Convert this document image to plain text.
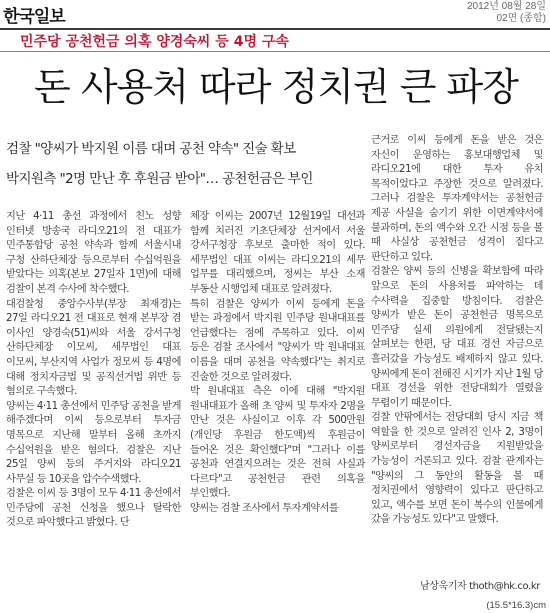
한국일보
2012년 08월 28일
02면 (종합)
민주당 공천헌금 의혹 양경숙씨 등 4명 구속
돈 사용처 따라 정치권 큰 파장
검찰 "양씨가 박지원 이름 대며 공천 약속" 진술 확보
박지원측 "2명 만난 후 후원금 받아"… 공천헌금은 부인

지난 4·11 총선 과정에서 친노 성향 인터넷 방송국 라디오21의 전 대표가 민주통합당 공천 약속과 함께 서울시내 구청 산하단체장 등으로부터 수십억원을 받았다는 의혹(본보 27일자 1면)에 대해 검찰이 본격 수사에 착수했다.

대검찰청 중앙수사부(부장 최재경)는 27일 라디오21 전 대표로 현재 본부장 겸 이사인 양경숙(51)씨와 서울 강서구청 산하단체장 이모씨, 세무법인 대표 이모씨, 부산지역 사업가 정모씨 등 4명에 대해 정치자금법 및 공직선거법 위반 등 혐의로 구속했다.

양씨는 4·11 총선에서 민주당 공천을 받게 해주겠다며 이씨 등으로부터 투자금 명목으로 지난해 말부터 올해 초까지 수십억원을 받은 혐의다. 검찰은 지난 25일 양씨 등의 주거지와 라디오21 사무실 등 10곳을 압수수색했다.

검찰은 이씨 등 3명이 모두 4·11 총선에서 민주당에 공천 신청을 했으나 탈락한 것으로 파악했다고 밝혔다. 단

체장 이씨는 2007년 12월19일 대선과 함께 치러진 기초단체장 선거에서 서울 강서구청장 후보로 출마한 적이 있다. 세무법인 대표 이씨는 라디오21의 세무 업무를 대리했으며, 정씨는 부산 소재 부동산 시행업체 대표로 알려졌다.

특히 검찰은 양씨가 이씨 등에게 돈을 받는 과정에서 박지원 민주당 원내대표를 언급했다는 점에 주목하고 있다. 이씨 등은 검찰 조사에서 "양씨가 박 원내대표 이름을 대며 공천을 약속했다"는 취지로 진술한 것으로 알려졌다.

박 원내대표 측은 이에 대해 "박지원 원내대표가 올해 초 양씨 및 투자자 2명을 만난 것은 사실이고 이후 각 500만원(개인당 후원금 한도액)씩 후원금이 들어온 것은 확인했다"며 "그러나 이를 공천과 연결지으려는 것은 전혀 사실과 다르다"고 공천헌금 관련 의혹을 부인했다.

양씨는 검찰 조사에서 투자계약서를

근거로 이씨 등에게 돈을 받은 것은 자신이 운영하는 홍보대행업체 및 라디오21에 대한 투자 유치 목적이었다고 주장한 것으로 알려졌다. 그러나 검찰은 투자계약서는 공천헌금 제공 사실을 숨기기 위한 이면계약서에 불과하며, 돈의 액수와 오간 시점 등을 볼 때 사실상 공천헌금 성격이 짙다고 판단하고 있다.

검찰은 양씨 등의 신병을 확보함에 따라 앞으로 돈의 사용처를 파악하는 데 수사력을 집중할 방침이다. 검찰은 양씨가 받은 돈이 공천헌금 명목으로 민주당 실세 의원에게 전달됐는지 살펴보는 한편, 당 대표 경선 자금으로 흘러갔을 가능성도 배제하지 않고 있다. 양씨에게 돈이 전해진 시기가 지난 1월 당 대표 경선을 위한 전당대회가 열렸을 무렵이기 때문이다.

검찰 안팎에서는 전당대회 당시 지금 책 역할을 한 것으로 알려진 인사 2, 3명이 양씨로부터 경선자금을 지원받았을 가능성이 거론되고 있다. 검찰 관계자는 "양씨의 그 동안의 활동을 볼 때 정치권에서 영향력이 있다고 판단하고 있고, 액수를 보면 돈이 복수의 인물에게 갔을 가능성도 있다"고 말했다.

남상욱기자 thoth@hk.co.kr
(15.5*16.3)cm
